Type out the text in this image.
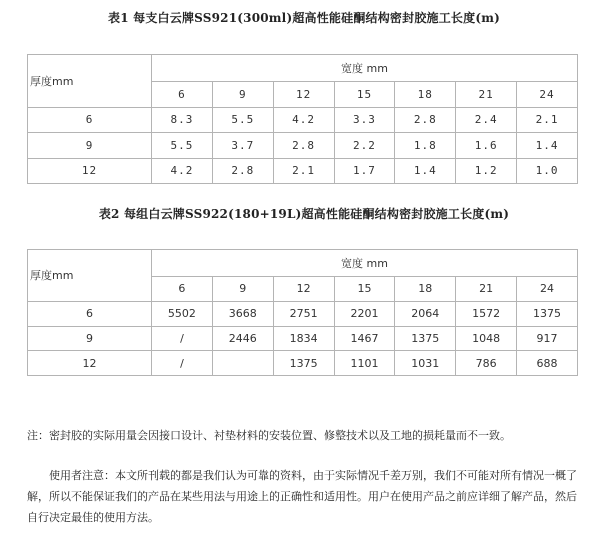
表1 每支白云牌SS921(300ml)超高性能硅酮结构密封胶施工长度(m)
厚度mm	宽度 mm						
	6	9	12	15	18	21	24
6	8.3	5.5	4.2	3.3	2.8	2.4	2.1
9	5.5	3.7	2.8	2.2	1.8	1.6	1.4
12	4.2	2.8	2.1	1.7	1.4	1.2	1.0
表2 每组白云牌SS922(180+19L)超高性能硅酮结构密封胶施工长度(m)
厚度mm	宽度 mm						
	6	9	12	15	18	21	24
6	5502	3668	2751	2201	2064	1572	1375
9	/	2446	1834	1467	1375	1048	917
12	/		1375	1101	1031	786	688
注：密封胶的实际用量会因接口设计、衬垫材料的安装位置、修整技术以及工地的损耗量而不一致。
使用者注意：本文所刊载的都是我们认为可靠的资料，由于实际情况千差万别，我们不可能对所有情况一概了解，所以不能保证我们的产品在某些用法与用途上的正确性和适用性。用户在使用产品之前应详细了解产品，然后自行决定最佳的使用方法。
